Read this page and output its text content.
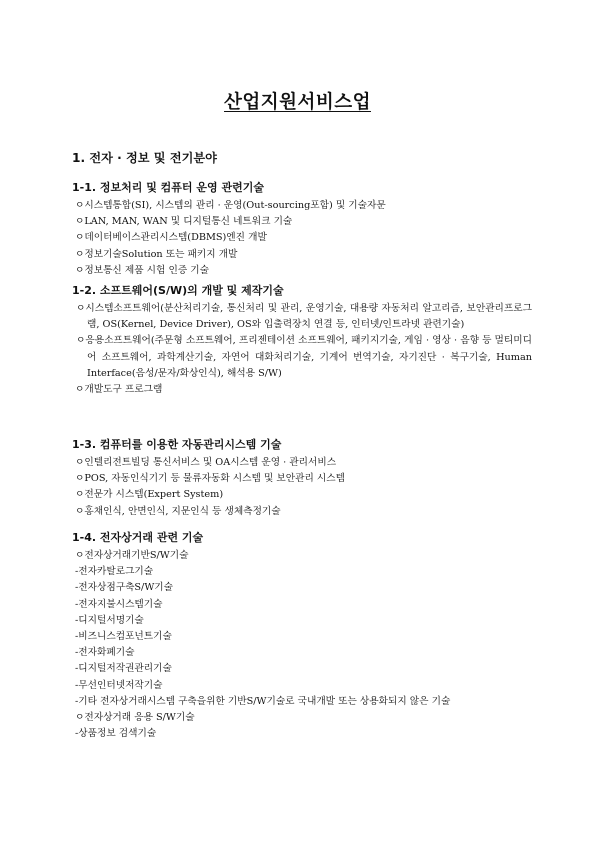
산업지원서비스업
1. 전자 · 정보 및 전기분야
1-1. 정보처리 및 컴퓨터 운영 관련기술
ㅇ시스템통합(SI), 시스템의 관리 · 운영(Out-sourcing포함) 및 기술자문
ㅇLAN, MAN, WAN 및 디지털통신 네트워크 기술
ㅇ데이터베이스관리시스템(DBMS)엔진 개발
ㅇ정보기술Solution 또는 패키지 개발
ㅇ정보통신 제품 시험 인증 기술
1-2. 소프트웨어(S/W)의 개발 및 제작기술
ㅇ시스템소프트웨어(분산처리기술, 통신처리 및 관리, 운영기술, 대용량 자동처리 알고리즘, 보안관리프로그램, OS(Kernel, Device Driver), OS와 입출력장치 연결 등, 인터넷/인트라넷 관련기술)
ㅇ응용소프트웨어(주문형 소프트웨어, 프리젠테이션 소프트웨어, 패키지기술, 게임 · 영상 · 음향 등 멀티미디어 소프트웨어, 과학계산기술, 자연어 대화처리기술, 기계어 번역기술, 자기진단 · 복구기술, Human Interface(음성/문자/화상인식), 해석용 S/W)
ㅇ개발도구 프로그램
1-3. 컴퓨터를 이용한 자동관리시스템 기술
ㅇ인텔리전트빌딩 통신서비스 및 OA시스템 운영 · 관리서비스
ㅇPOS, 자동인식기기 등 물류자동화 시스템 및 보안관리 시스템
ㅇ전문가 시스템(Expert System)
ㅇ홍채인식, 안면인식, 지문인식 등 생체측정기술
1-4. 전자상거래 관련 기술
ㅇ전자상거래기반S/W기술
-전자카탈로그기술
-전자상점구축S/W기술
-전자지불시스템기술
-디지털서명기술
-비즈니스컴포넌트기술
-전자화폐기술
-디지털저작권관리기술
-무선인터넷저작기술
-기타 전자상거래시스템 구축을위한 기반S/W기술로 국내개발 또는 상용화되지 않은 기술
ㅇ전자상거래 응용 S/W기술
-상품정보 검색기술
